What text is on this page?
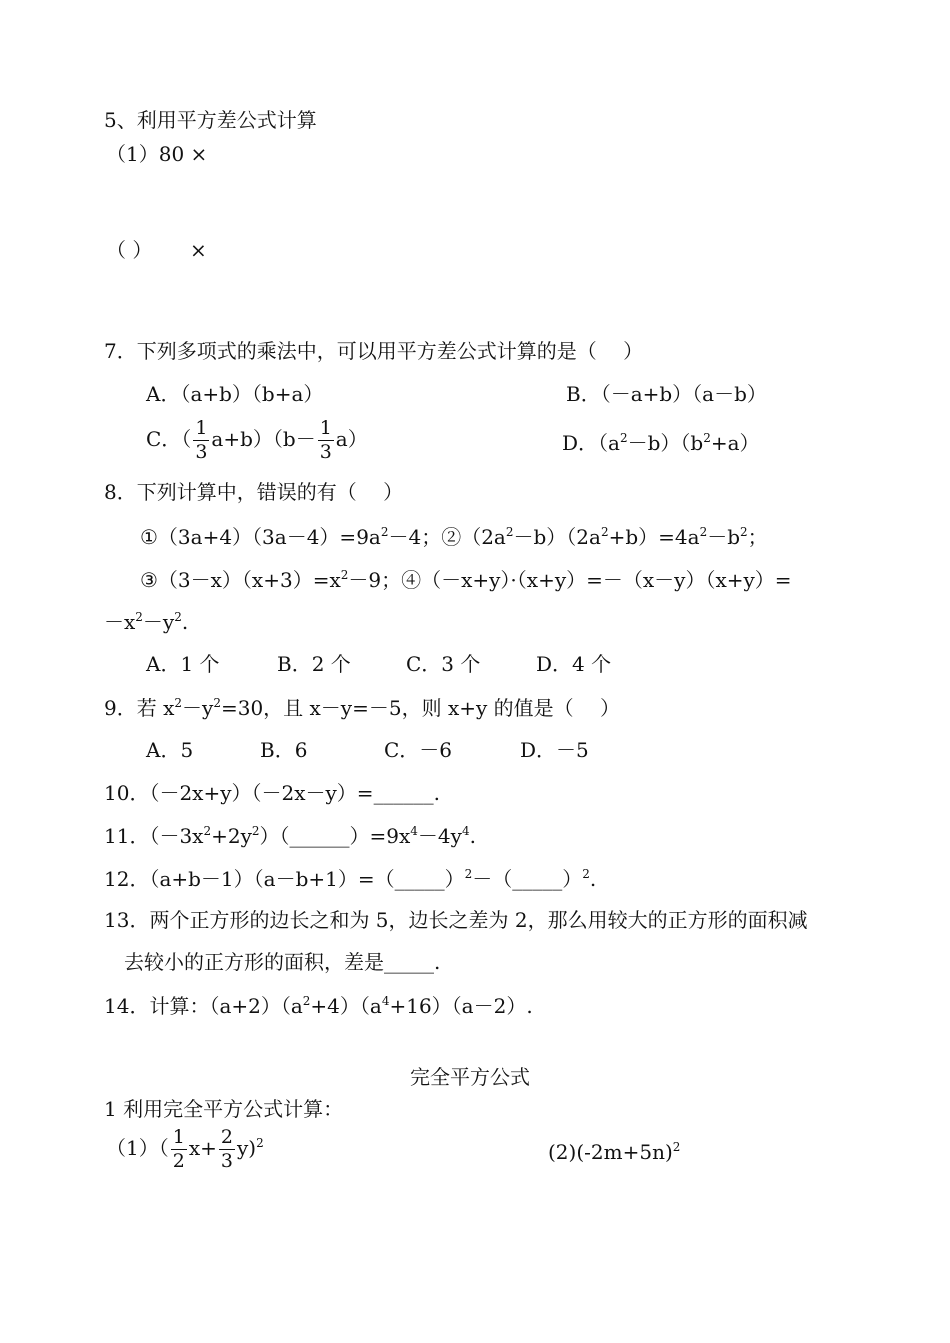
5、利用平方差公式计算
（1）80 ×
（ ） ×
7．下列多项式的乘法中，可以用平方差公式计算的是（　 ）
A．（a+b）（b+a）	B．（－a+b）（a－b）
C．（ $\frac{1}{3} a+b)(b- \frac{1}{3} a)$	D．$(a^2-b)(b^2+a)$
8．下列计算中，错误的有（　 ）
$①(3a+4)(3a-4)=9a^2-4$；$②(2a^2-b)(2a^2+b)=4a^2-b^2$；
$③(3-x)(x+3)=x^2-9$；④（－x+y）·（x+y）=－（x－y）（x+y）=
$-x^2-y^2$.
A．1 个	B．2 个	C．3 个	D．4 个
9．若 $x^2-y^2=30$，且 x－y=－5，则 x+y 的值是（　 ）
A．5	B．6	C．－6	D．－5
10．（－2x+y）（－2x－y）=______.
11．$(-3x^2+2y^2)(\_\_\_\_\_\_)=9x^4-4y^4$.
12．（a+b－1）（a－b+1）=（_____）$^2$－（_____）$^2$.
13．两个正方形的边长之和为 5，边长之差为 2，那么用较大的正方形的面积减
去较小的正方形的面积，差是_____.
14．计算：$(a+2)(a^2+4)(a^4+16)(a-2)$.
完全平方公式
1 利用完全平方公式计算：
$(1)( \frac{1}{2} x+ \frac{2}{3} y)^2$	$(2)(-2m+5n)^2$
